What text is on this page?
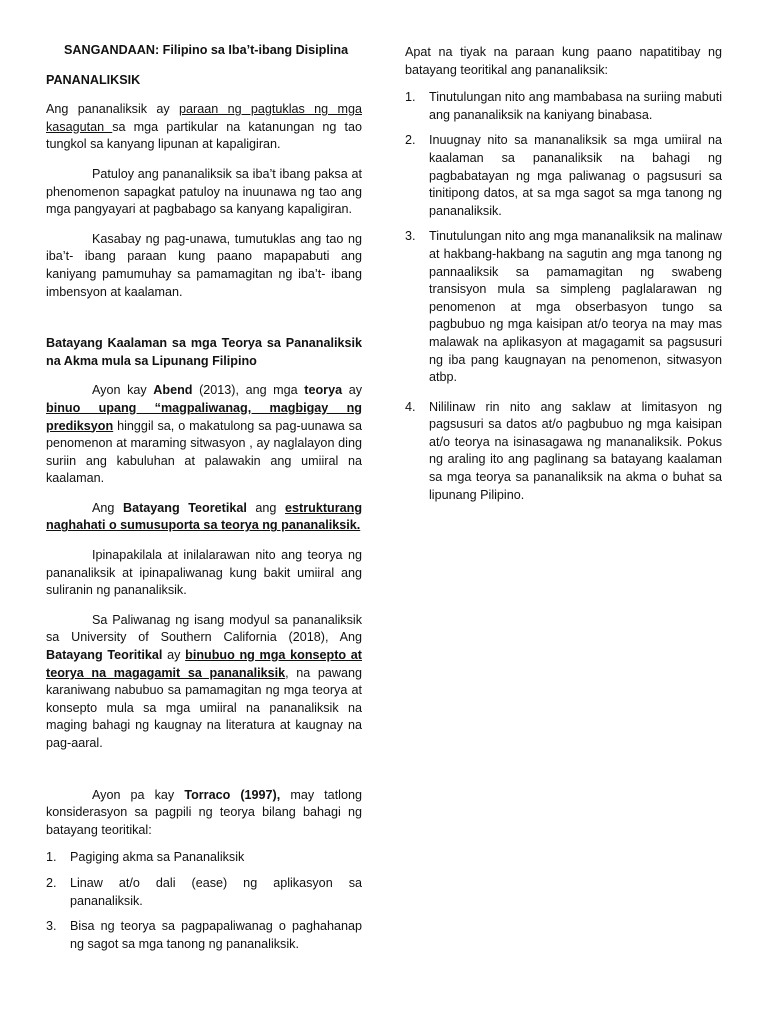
SANGANDAAN: Filipino sa Iba’t-ibang Disiplina

PANANALIKSIK

Ang pananaliksik ay paraan ng pagtuklas ng mga kasagutan sa mga partikular na katanungan ng tao tungkol sa kanyang lipunan at kapaligiran.

Patuloy ang pananaliksik sa iba’t ibang paksa at phenomenon sapagkat patuloy na inuunawa ng tao ang mga pangyayari at pagbabago sa kanyang kapaligiran.

Kasabay ng pag-unawa, tumutuklas ang tao ng iba’t- ibang paraan kung paano mapapabuti ang kaniyang pamumuhay sa pamamagitan ng iba’t- ibang imbensyon at kaalaman.

Batayang Kaalaman sa mga Teorya sa Pananaliksik na Akma mula sa Lipunang Filipino

Ayon kay Abend (2013), ang mga teorya ay binuo upang “magpaliwanag, magbigay ng prediksyon hinggil sa, o makatulong sa pag-uunawa sa penomenon at maraming sitwasyon , ay naglalayon ding suriin ang kabuluhan at palawakin ang umiiral na kaalaman.

Ang Batayang Teoretikal ang estrukturang naghahati o sumusuporta sa teorya ng pananaliksik.

Ipinapakilala at inilalarawan nito ang teorya ng pananaliksik at ipinapaliwanag kung bakit umiiral ang suliranin ng pananaliksik.

Sa Paliwanag ng isang modyul sa pananaliksik sa University of Southern California (2018), Ang Batayang Teoritikal ay binubuo ng mga konsepto at teorya na magagamit sa pananaliksik, na pawang karaniwang nabubuo sa pamamagitan ng mga teorya at konsepto mula sa mga umiiral na pananaliksik na maging bahagi ng kaugnay na literatura at kaugnay na pag-aaral.

Ayon pa kay Torraco (1997), may tatlong konsiderasyon sa pagpili ng teorya bilang bahagi ng batayang teoritikal:

1. Pagiging akma sa Pananaliksik
2. Linaw at/o dali (ease) ng aplikasyon sa pananaliksik.
3. Bisa ng teorya sa pagpapaliwanag o paghahanap ng sagot sa mga tanong ng pananaliksik.

Apat na tiyak na paraan kung paano napatitibay ng batayang teoritikal ang pananaliksik:

1. Tinutulungan nito ang mambabasa na suriing mabuti ang pananaliksik na kaniyang binabasa.
2. Inuugnay nito sa mananaliksik sa mga umiiral na kaalaman sa pananaliksik na bahagi ng pagbabatayan ng mga paliwanag o pagsusuri sa tinitipong datos, at sa mga sagot sa mga tanong ng pananaliksik.
3. Tinutulungan nito ang mga mananaliksik na malinaw at hakbang-hakbang na sagutin ang mga tanong ng pannaaliksik sa pamamagitan ng swabeng transisyon mula sa simpleng paglalarawan ng penomenon at mga obserbasyon tungo sa pagbubuo ng mga kaisipan at/o teorya na may mas malawak na aplikasyon at magagamit sa pagsusuri ng iba pang kaugnayan na penomenon, sitwasyon atbp.
4. Nililinaw rin nito ang saklaw at limitasyon ng pagsusuri sa datos at/o pagbubuo ng mga kaisipan at/o teorya na isinasagawa ng mananaliksik. Pokus ng araling ito ang paglinang sa batayang kaalaman sa mga teorya sa pananaliksik na akma o buhat sa lipunang Pilipino.
